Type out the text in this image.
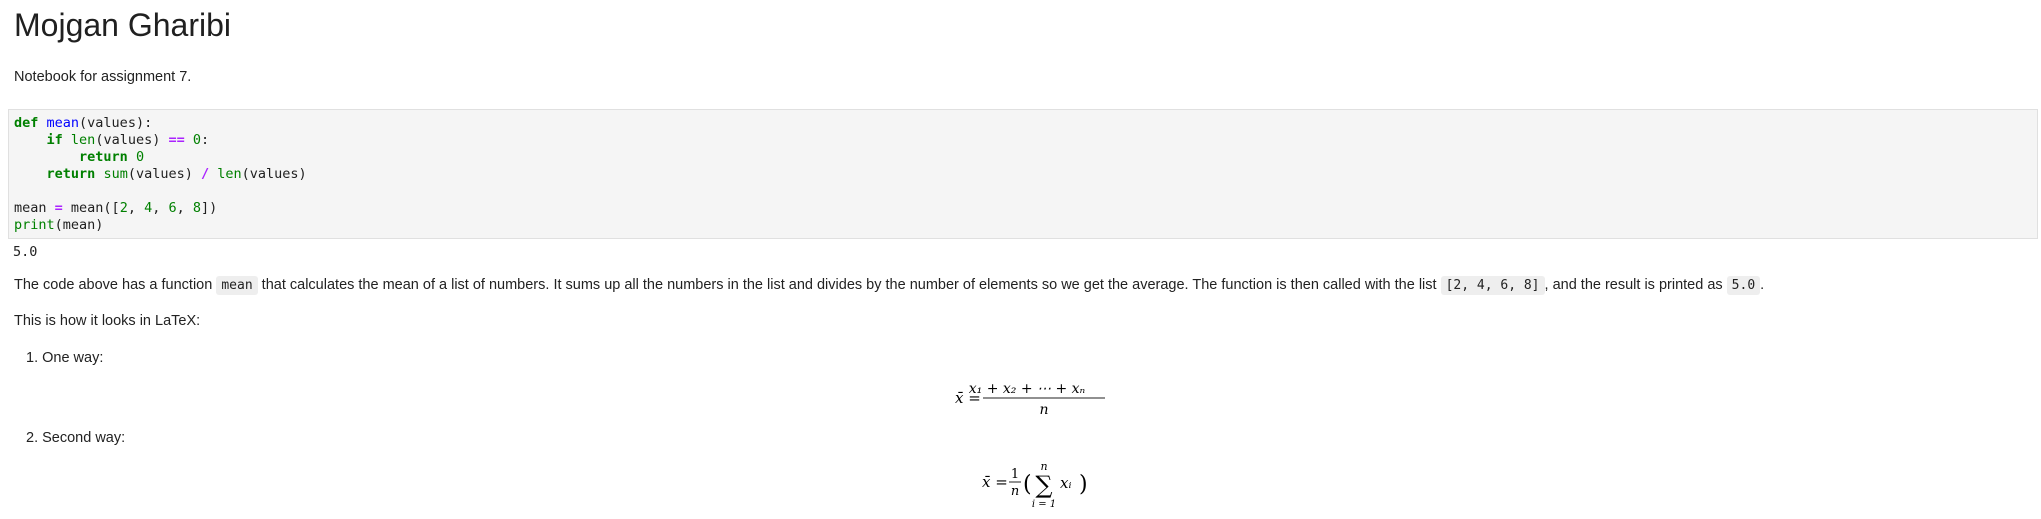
Mojgan Gharibi

Notebook for assignment 7.

def mean(values):
if len(values) == 0:
return 0
return sum(values) / len(values)

mean = mean([2, 4, 6, 8])
print(mean)
5.0

The code above has a function mean that calculates the mean of a list of numbers. It sums up all the numbers in the list and divides by the number of elements so we get the average. The function is then called with the list [2, 4, 6, 8] , and the result is printed as 5.0 .

This is how it looks in LaTeX:

1. One way:
x̄ =
x₁ + x₂ + ⋯ + xₙ
n
2. Second way:
x̄ = 1
n (
n
∑
i = 1
xᵢ )
